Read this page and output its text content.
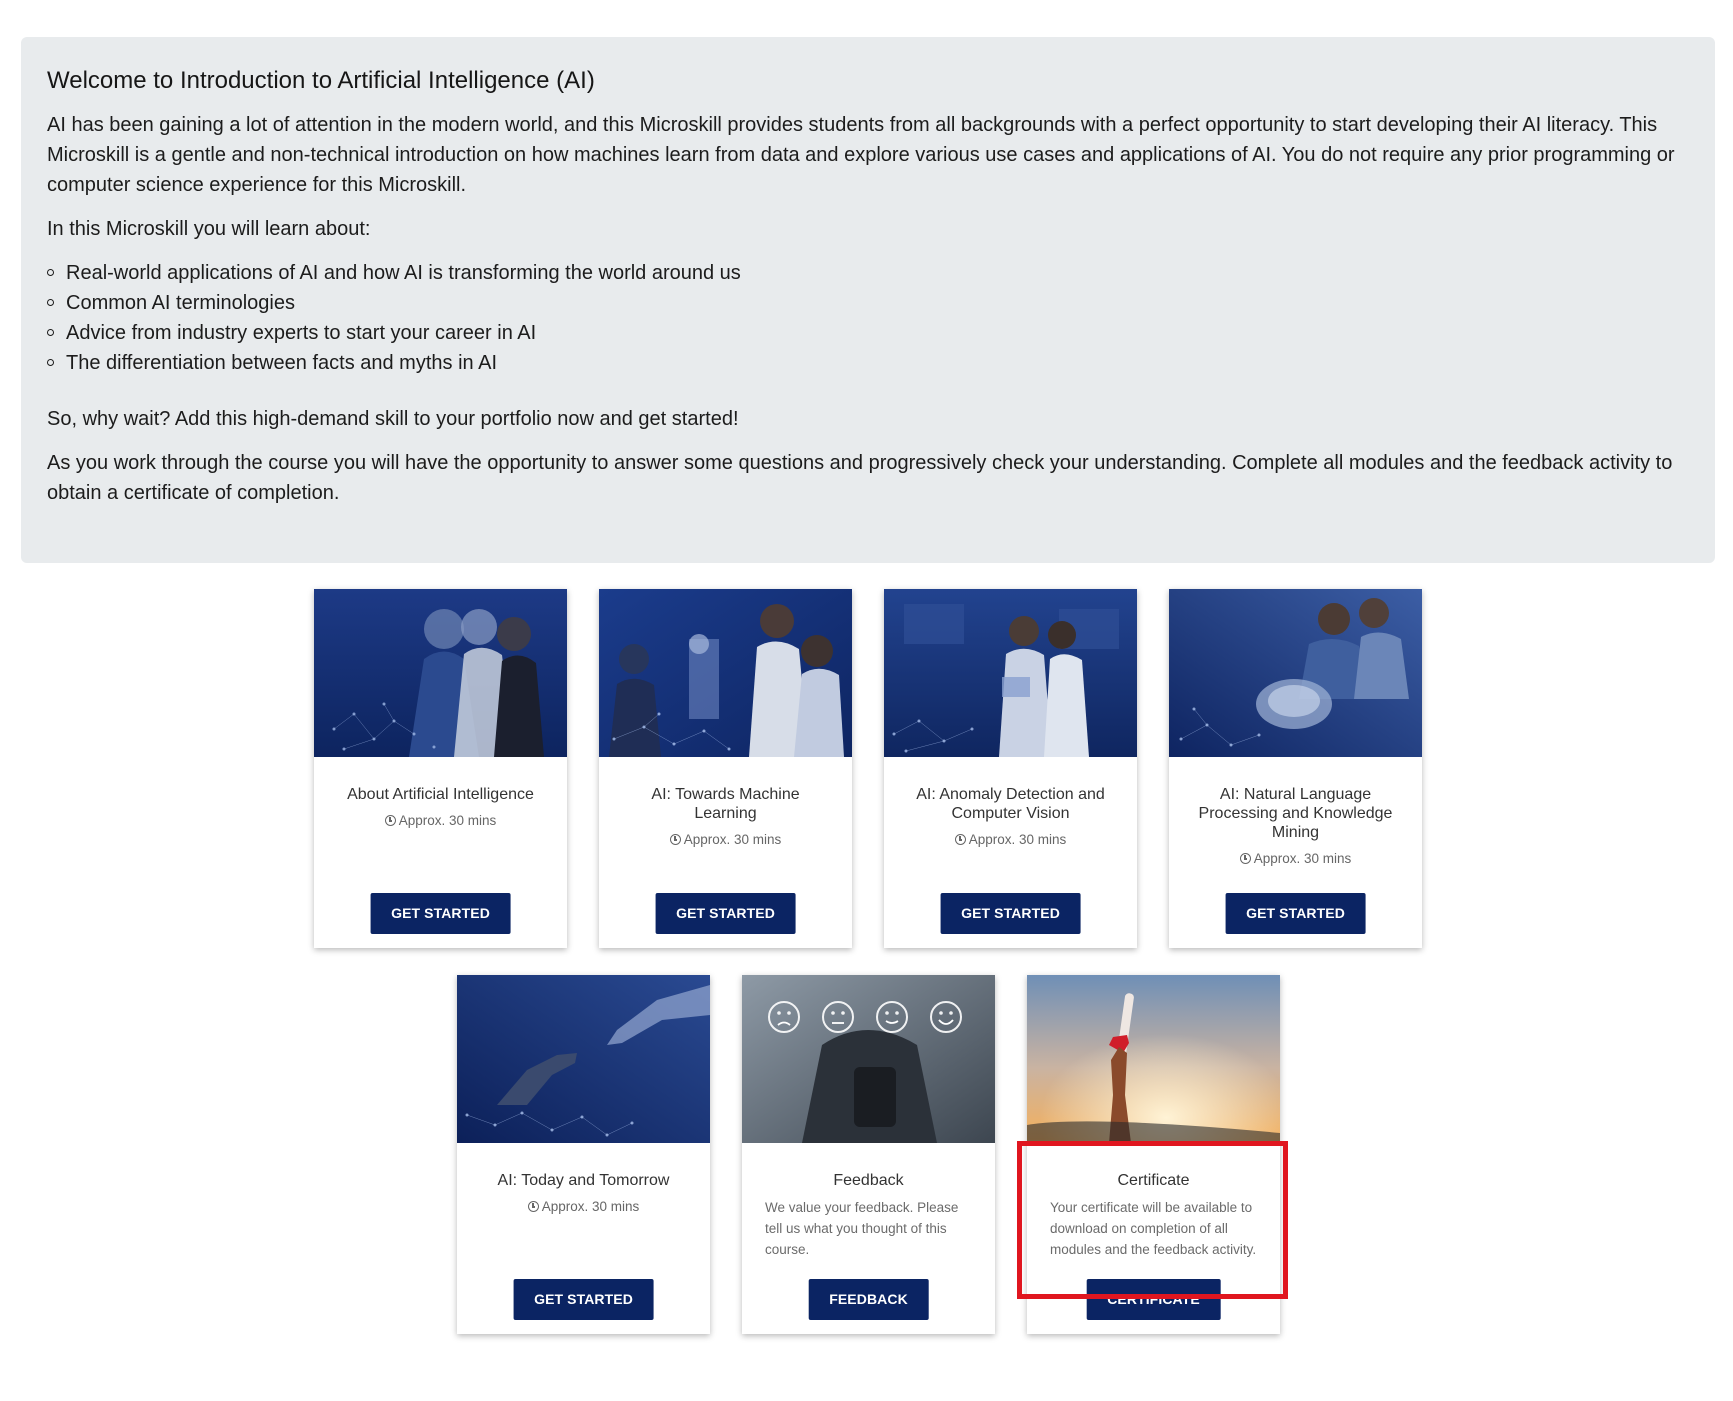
Welcome to Introduction to Artificial Intelligence (AI)

AI has been gaining a lot of attention in the modern world, and this Microskill provides students from all backgrounds with a perfect opportunity to start developing their AI literacy. This Microskill is a gentle and non-technical introduction on how machines learn from data and explore various use cases and applications of AI. You do not require any prior programming or computer science experience for this Microskill.

In this Microskill you will learn about:

Real-world applications of AI and how AI is transforming the world around us
Common AI terminologies
Advice from industry experts to start your career in AI
The differentiation between facts and myths in AI

So, why wait? Add this high-demand skill to your portfolio now and get started!

As you work through the course you will have the opportunity to answer some questions and progressively check your understanding. Complete all modules and the feedback activity to obtain a certificate of completion.

About Artificial Intelligence
Approx. 30 mins
GET STARTED
AI: Towards Machine Learning
Approx. 30 mins
GET STARTED
AI: Anomaly Detection and Computer Vision
Approx. 30 mins
GET STARTED
AI: Natural Language Processing and Knowledge Mining
Approx. 30 mins
GET STARTED
AI: Today and Tomorrow
Approx. 30 mins
GET STARTED
Feedback
We value your feedback. Please tell us what you thought of this course.
FEEDBACK
Certificate
Your certificate will be available to download on completion of all modules and the feedback activity.
CERTIFICATE
